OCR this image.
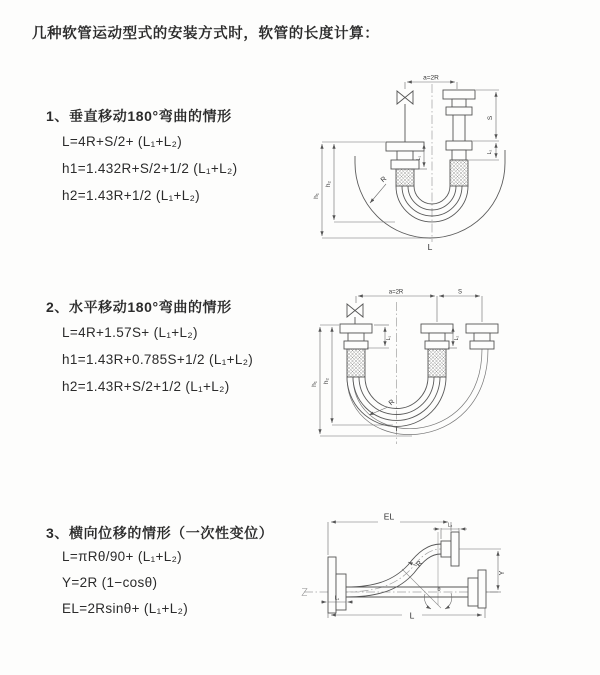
几种软管运动型式的安装方式时，软管的长度计算：
1、垂直移动180°弯曲的情形
L=4R+S/2+ (L₁+L₂)
h1=1.432R+S/2+1/2 (L₁+L₂)
h2=1.43R+1/2 (L₁+L₂)
a=2R
h₁
h₂
L₁
S
L₂
R
L
2、水平移动180°弯曲的情形
L=4R+1.57S+ (L₁+L₂)
h1=1.43R+0.785S+1/2 (L₁+L₂)
h2=1.43R+S/2+1/2 (L₁+L₂)
a=2R	S
h₁ h₂
L₁	L₂
R
3、横向位移的情形（一次性变位）
L=πRθ/90+ (L₁+L₂)
Y=2R (1−cosθ)
EL=2Rsinθ+ (L₁+L₂)
EL
L₂
Y
R
θ
L
L₁
